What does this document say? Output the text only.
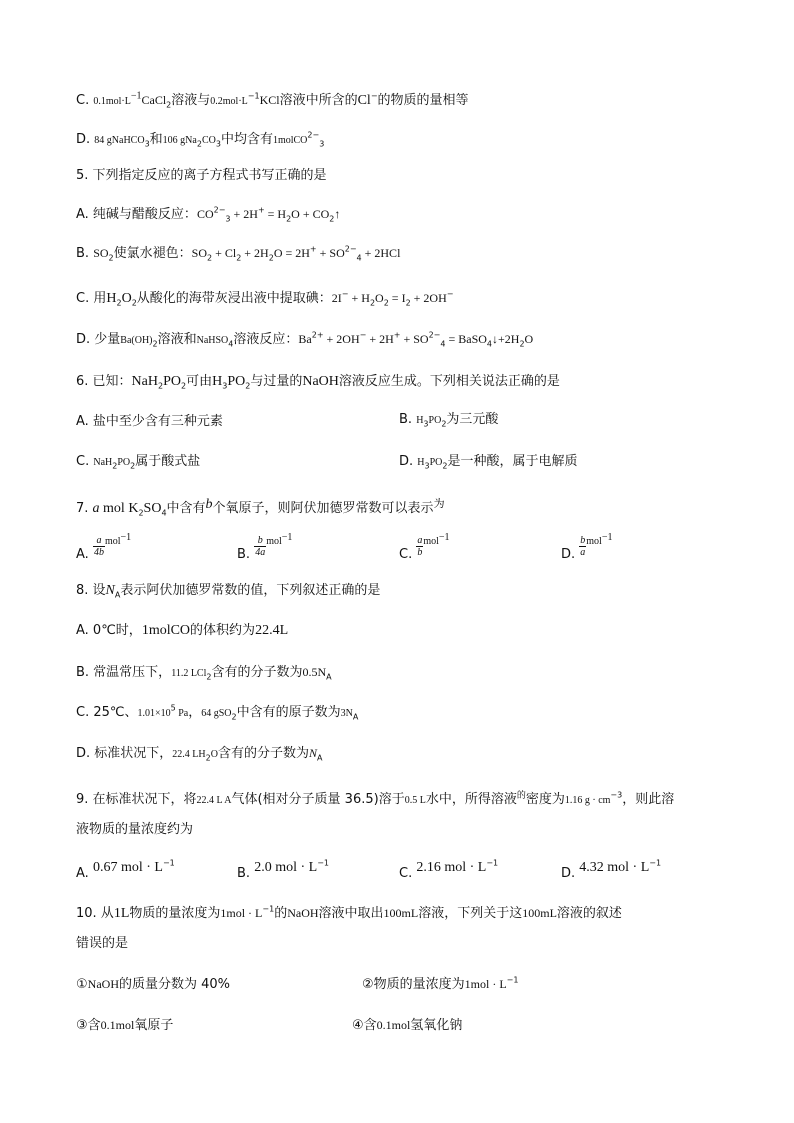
C. $0.1mol\cdot L^{-1}CaCl_2$溶液与$0.2mol\cdot L^{-1}KCl$溶液中所含的Cl−的物质的量相等
D. 84 gNaHCO$_3$和106 $gNa_2CO_3$中均含有1molCO$^{2-}_3$
5. 下列指定反应的离子方程式书写正确的是
A. 纯碱与醋酸反应：$CO^{2-}_3 + 2H^+ = H_2O$ + $CO_2↑$
B. $SO_2$使氯水褪色：$SO_2 + Cl_2 + 2H_2O = 2H^+ + SO^{2-}_4 + 2HCl$
C. 用$H_2O_2$从酸化的海带灰浸出液中提取碘：$2I^- + H_2O_2 = I_2 + 2OH^-$
D. 少量$Ba(OH)_2$溶液和NaHSO$_4$溶液反应：$Ba^{2+} + 2OH^- + 2H^+ + SO^{2-}_4$ = $BaSO_4↓+2H_2O$
6. 已知：$NaH_2PO_2$可由$H_3PO_2$与过量的NaOH溶液反应生成。下列相关说法正确的是
A. 盐中至少含有三种元素	B. $H_3PO_2$为三元酸
C. $NaH_2PO_2$属于酸式盐	D. $H_3PO_2$是一种酸，属于电解质
7. a mol $K_2SO_4$中含有b个氧原子，则阿伏加德罗常数可以表示$^为$
A. $\frac{a}{4b} ^{mol-1}$
B. $\frac{b}{4a} ^{mol-1}$
C. $\frac{a}{b} ^{mol-1}$
D. $\frac{b}{a} ^{mol-1}$
8. 设$N_A$表示阿伏加德罗常数的值，下列叙述正确的是
A. 0℃时，1molCO的体积约为22.4L
B. 常温常压下，11.2 LCl$_2$含有的分子数为$0.5N_A$
C. 25℃、$1.01\times 10^5$ Pa，64 gSO$_2$中含有的原子数为$3N_A$
D. 标准状况下，22.4 $LH_2O$含有的分子数为$N_A$
9. 在标准状况下，将22.4 L A气体(相对分子质量 36.5)溶于0.5 L水中，所得溶液$^的$密度为1.16 $g \cdot cm^{-3}$，则此溶
液物质的量浓度约为
A. 0.67 mol · $L^{-1}$
B. 2.0 mol · $L^{-1}$
C. 2.16 mol · $L^{-1}$
D. 4.32 mol · $L^{-1}$
10. 从1L物质的量浓度为$1mol \cdot L^{-1}$的NaOH溶液中取出100mL溶液，下列关于这100mL溶液的叙述
错误的是
①NaOH的质量分数为 40%	②物质的量浓度为$1mol \cdot L^{-1}$
③含0.1mol氧原子	④含0.1mol氢氧化钠
